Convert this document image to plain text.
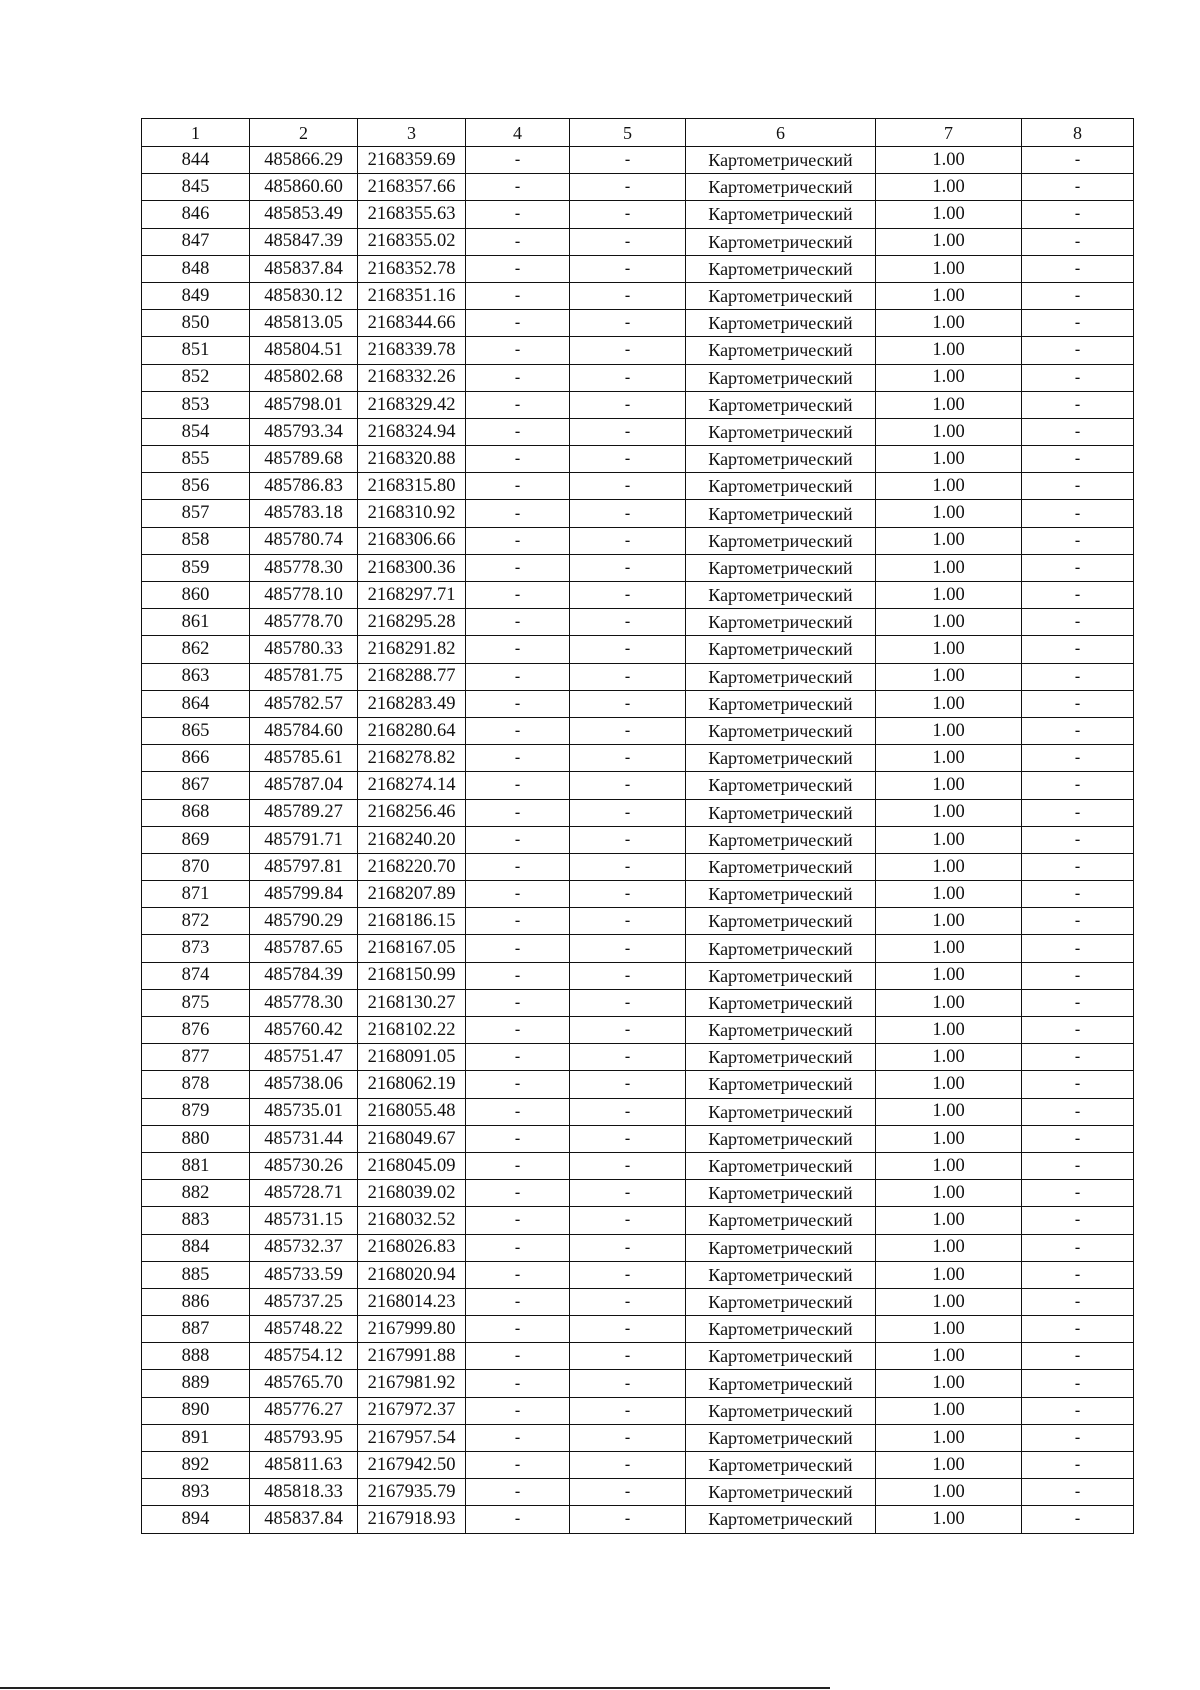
1	2	3	4	5	6	7	8
844	485866.29	2168359.69	-	-	Картометрический	1.00	-
845	485860.60	2168357.66	-	-	Картометрический	1.00	-
846	485853.49	2168355.63	-	-	Картометрический	1.00	-
847	485847.39	2168355.02	-	-	Картометрический	1.00	-
848	485837.84	2168352.78	-	-	Картометрический	1.00	-
849	485830.12	2168351.16	-	-	Картометрический	1.00	-
850	485813.05	2168344.66	-	-	Картометрический	1.00	-
851	485804.51	2168339.78	-	-	Картометрический	1.00	-
852	485802.68	2168332.26	-	-	Картометрический	1.00	-
853	485798.01	2168329.42	-	-	Картометрический	1.00	-
854	485793.34	2168324.94	-	-	Картометрический	1.00	-
855	485789.68	2168320.88	-	-	Картометрический	1.00	-
856	485786.83	2168315.80	-	-	Картометрический	1.00	-
857	485783.18	2168310.92	-	-	Картометрический	1.00	-
858	485780.74	2168306.66	-	-	Картометрический	1.00	-
859	485778.30	2168300.36	-	-	Картометрический	1.00	-
860	485778.10	2168297.71	-	-	Картометрический	1.00	-
861	485778.70	2168295.28	-	-	Картометрический	1.00	-
862	485780.33	2168291.82	-	-	Картометрический	1.00	-
863	485781.75	2168288.77	-	-	Картометрический	1.00	-
864	485782.57	2168283.49	-	-	Картометрический	1.00	-
865	485784.60	2168280.64	-	-	Картометрический	1.00	-
866	485785.61	2168278.82	-	-	Картометрический	1.00	-
867	485787.04	2168274.14	-	-	Картометрический	1.00	-
868	485789.27	2168256.46	-	-	Картометрический	1.00	-
869	485791.71	2168240.20	-	-	Картометрический	1.00	-
870	485797.81	2168220.70	-	-	Картометрический	1.00	-
871	485799.84	2168207.89	-	-	Картометрический	1.00	-
872	485790.29	2168186.15	-	-	Картометрический	1.00	-
873	485787.65	2168167.05	-	-	Картометрический	1.00	-
874	485784.39	2168150.99	-	-	Картометрический	1.00	-
875	485778.30	2168130.27	-	-	Картометрический	1.00	-
876	485760.42	2168102.22	-	-	Картометрический	1.00	-
877	485751.47	2168091.05	-	-	Картометрический	1.00	-
878	485738.06	2168062.19	-	-	Картометрический	1.00	-
879	485735.01	2168055.48	-	-	Картометрический	1.00	-
880	485731.44	2168049.67	-	-	Картометрический	1.00	-
881	485730.26	2168045.09	-	-	Картометрический	1.00	-
882	485728.71	2168039.02	-	-	Картометрический	1.00	-
883	485731.15	2168032.52	-	-	Картометрический	1.00	-
884	485732.37	2168026.83	-	-	Картометрический	1.00	-
885	485733.59	2168020.94	-	-	Картометрический	1.00	-
886	485737.25	2168014.23	-	-	Картометрический	1.00	-
887	485748.22	2167999.80	-	-	Картометрический	1.00	-
888	485754.12	2167991.88	-	-	Картометрический	1.00	-
889	485765.70	2167981.92	-	-	Картометрический	1.00	-
890	485776.27	2167972.37	-	-	Картометрический	1.00	-
891	485793.95	2167957.54	-	-	Картометрический	1.00	-
892	485811.63	2167942.50	-	-	Картометрический	1.00	-
893	485818.33	2167935.79	-	-	Картометрический	1.00	-
894	485837.84	2167918.93	-	-	Картометрический	1.00	-
